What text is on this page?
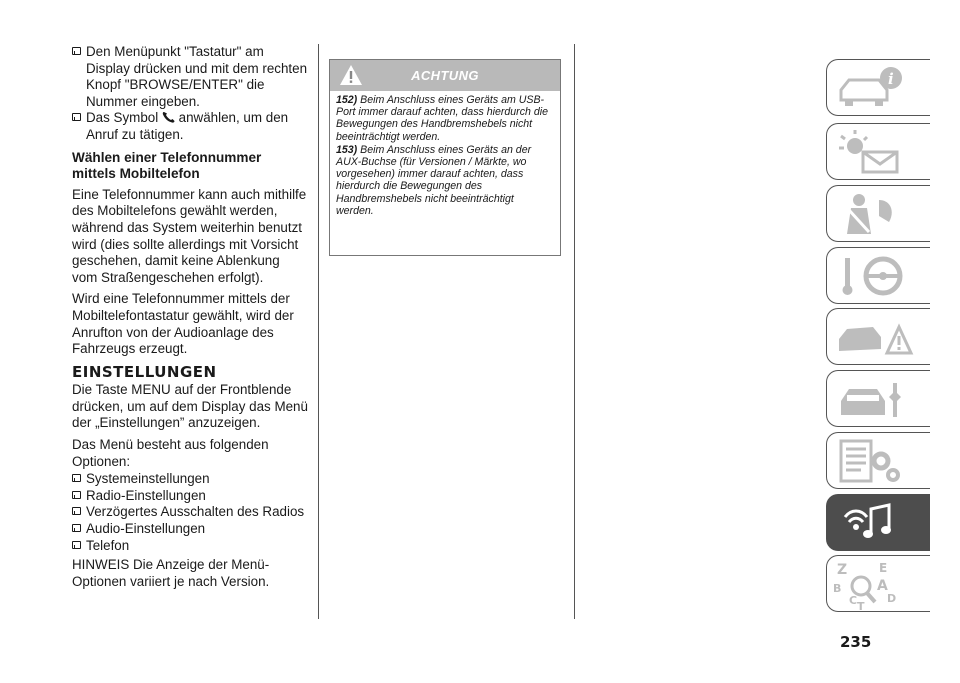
Den Menüpunkt "Tastatur" am Display drücken und mit dem rechten Knopf "BROWSE/ENTER" die Nummer eingeben.
Das Symbol anwählen, um den Anruf zu tätigen.
Wählen einer Telefonnummer mittels Mobiltelefon

Eine Telefonnummer kann auch mithilfe des Mobiltelefons gewählt werden, während das System weiterhin benutzt wird (dies sollte allerdings mit Vorsicht geschehen, damit keine Ablenkung vom Straßengeschehen erfolgt).

Wird eine Telefonnummer mittels der Mobiltelefontastatur gewählt, wird der Anrufton von der Audioanlage des Fahrzeugs erzeugt.

EINSTELLUNGEN

Die Taste MENU auf der Frontblende drücken, um auf dem Display das Menü der „Einstellungen” anzuzeigen.

Das Menü besteht aus folgenden Optionen:

Systemeinstellungen
Radio-Einstellungen
Verzögertes Ausschalten des Radios
Audio-Einstellungen
Telefon

HINWEIS Die Anzeige der Menü-Optionen variiert je nach Version.

ACHTUNG

152) Beim Anschluss eines Geräts am USB-Port immer darauf achten, dass hierdurch die Bewegungen des Handbremshebels nicht beeinträchtigt werden.

153) Beim Anschluss eines Geräts an der AUX-Buchse (für Versionen / Märkte, wo vorgesehen) immer darauf achten, dass hierdurch die Bewegungen des Handbremshebels nicht beeinträchtigt werden.

i
Z	E
B	A
C T
D
235
